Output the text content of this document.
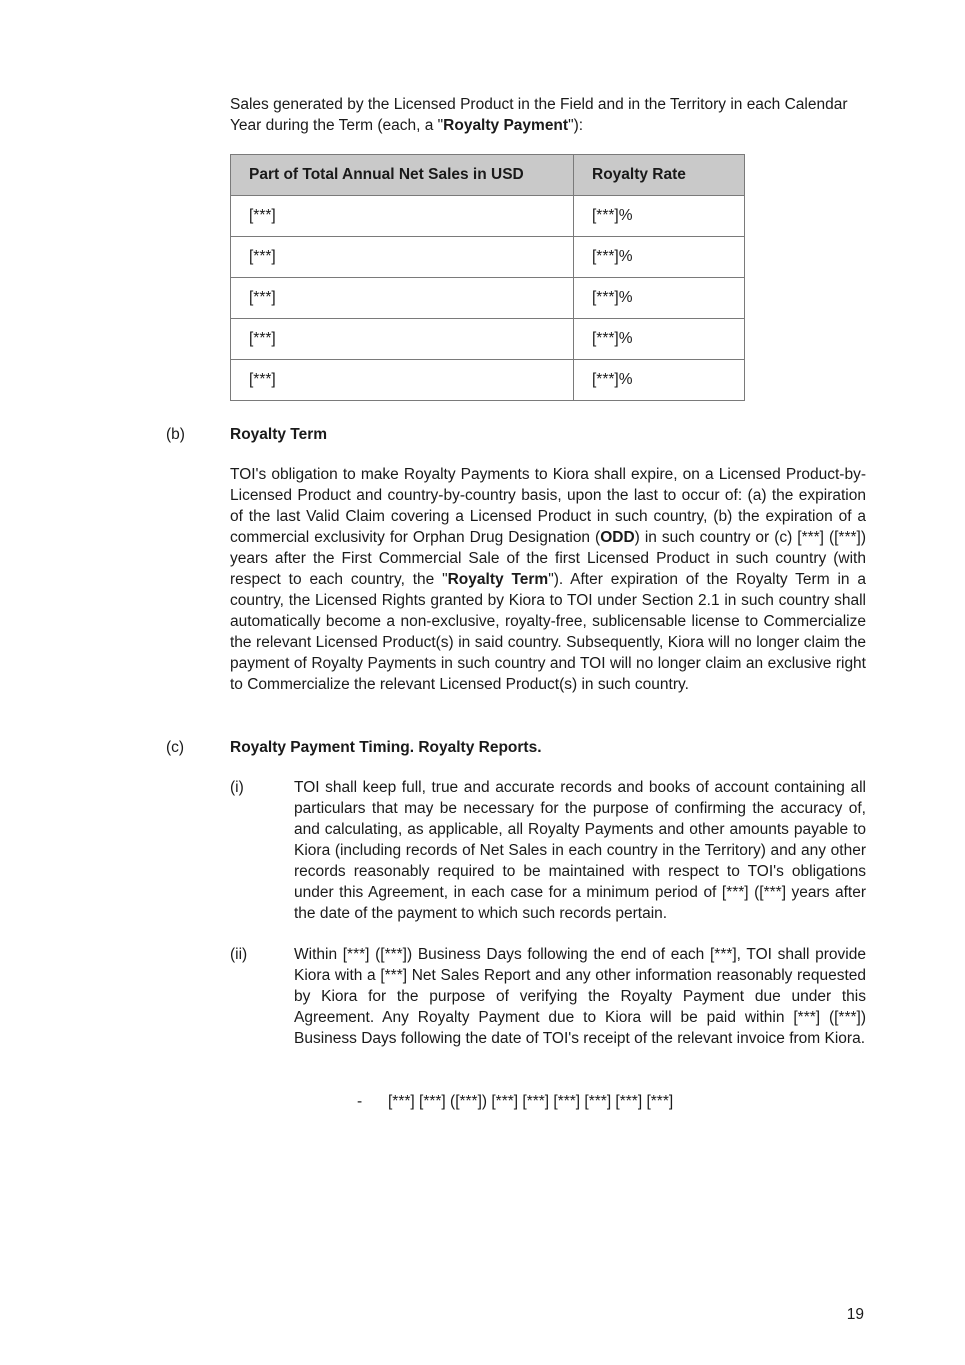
Sales generated by the Licensed Product in the Field and in the Territory in each Calendar Year during the Term (each, a "Royalty Payment"):

Part of Total Annual Net Sales in USD	Royalty Rate
[***]	[***]%
[***]	[***]%
[***]	[***]%
[***]	[***]%
[***]	[***]%
(b)	Royalty Term

TOI's obligation to make Royalty Payments to Kiora shall expire, on a Licensed Product-by-Licensed Product and country-by-country basis, upon the last to occur of: (a) the expiration of the last Valid Claim covering a Licensed Product in such country, (b) the expiration of a commercial exclusivity for Orphan Drug Designation (ODD) in such country or (c) [***] ([***]) years after the First Commercial Sale of the first Licensed Product in such country (with respect to each country, the "Royalty Term"). After expiration of the Royalty Term in a country, the Licensed Rights granted by Kiora to TOI under Section 2.1 in such country shall automatically become a non-exclusive, royalty-free, sublicensable license to Commercialize the relevant Licensed Product(s) in said country. Subsequently, Kiora will no longer claim the payment of Royalty Payments in such country and TOI will no longer claim an exclusive right to Commercialize the relevant Licensed Product(s) in such country.

(c)	Royalty Payment Timing. Royalty Reports.
(i)	TOI shall keep full, true and accurate records and books of account containing all particulars that may be necessary for the purpose of confirming the accuracy of, and calculating, as applicable, all Royalty Payments and other amounts payable to Kiora (including records of Net Sales in each country in the Territory) and any other records reasonably required to be maintained with respect to TOI's obligations under this Agreement, in each case for a minimum period of [***] ([***] years after the date of the payment to which such records pertain.

(ii)	Within [***] ([***]) Business Days following the end of each [***], TOI shall provide Kiora with a [***] Net Sales Report and any other information reasonably requested by Kiora for the purpose of verifying the Royalty Payment due under this Agreement. Any Royalty Payment due to Kiora will be paid within [***] ([***]) Business Days following the date of TOI's receipt of the relevant invoice from Kiora.

- [***] [***] ([***]) [***] [***] [***] [***] [***] [***]
19
